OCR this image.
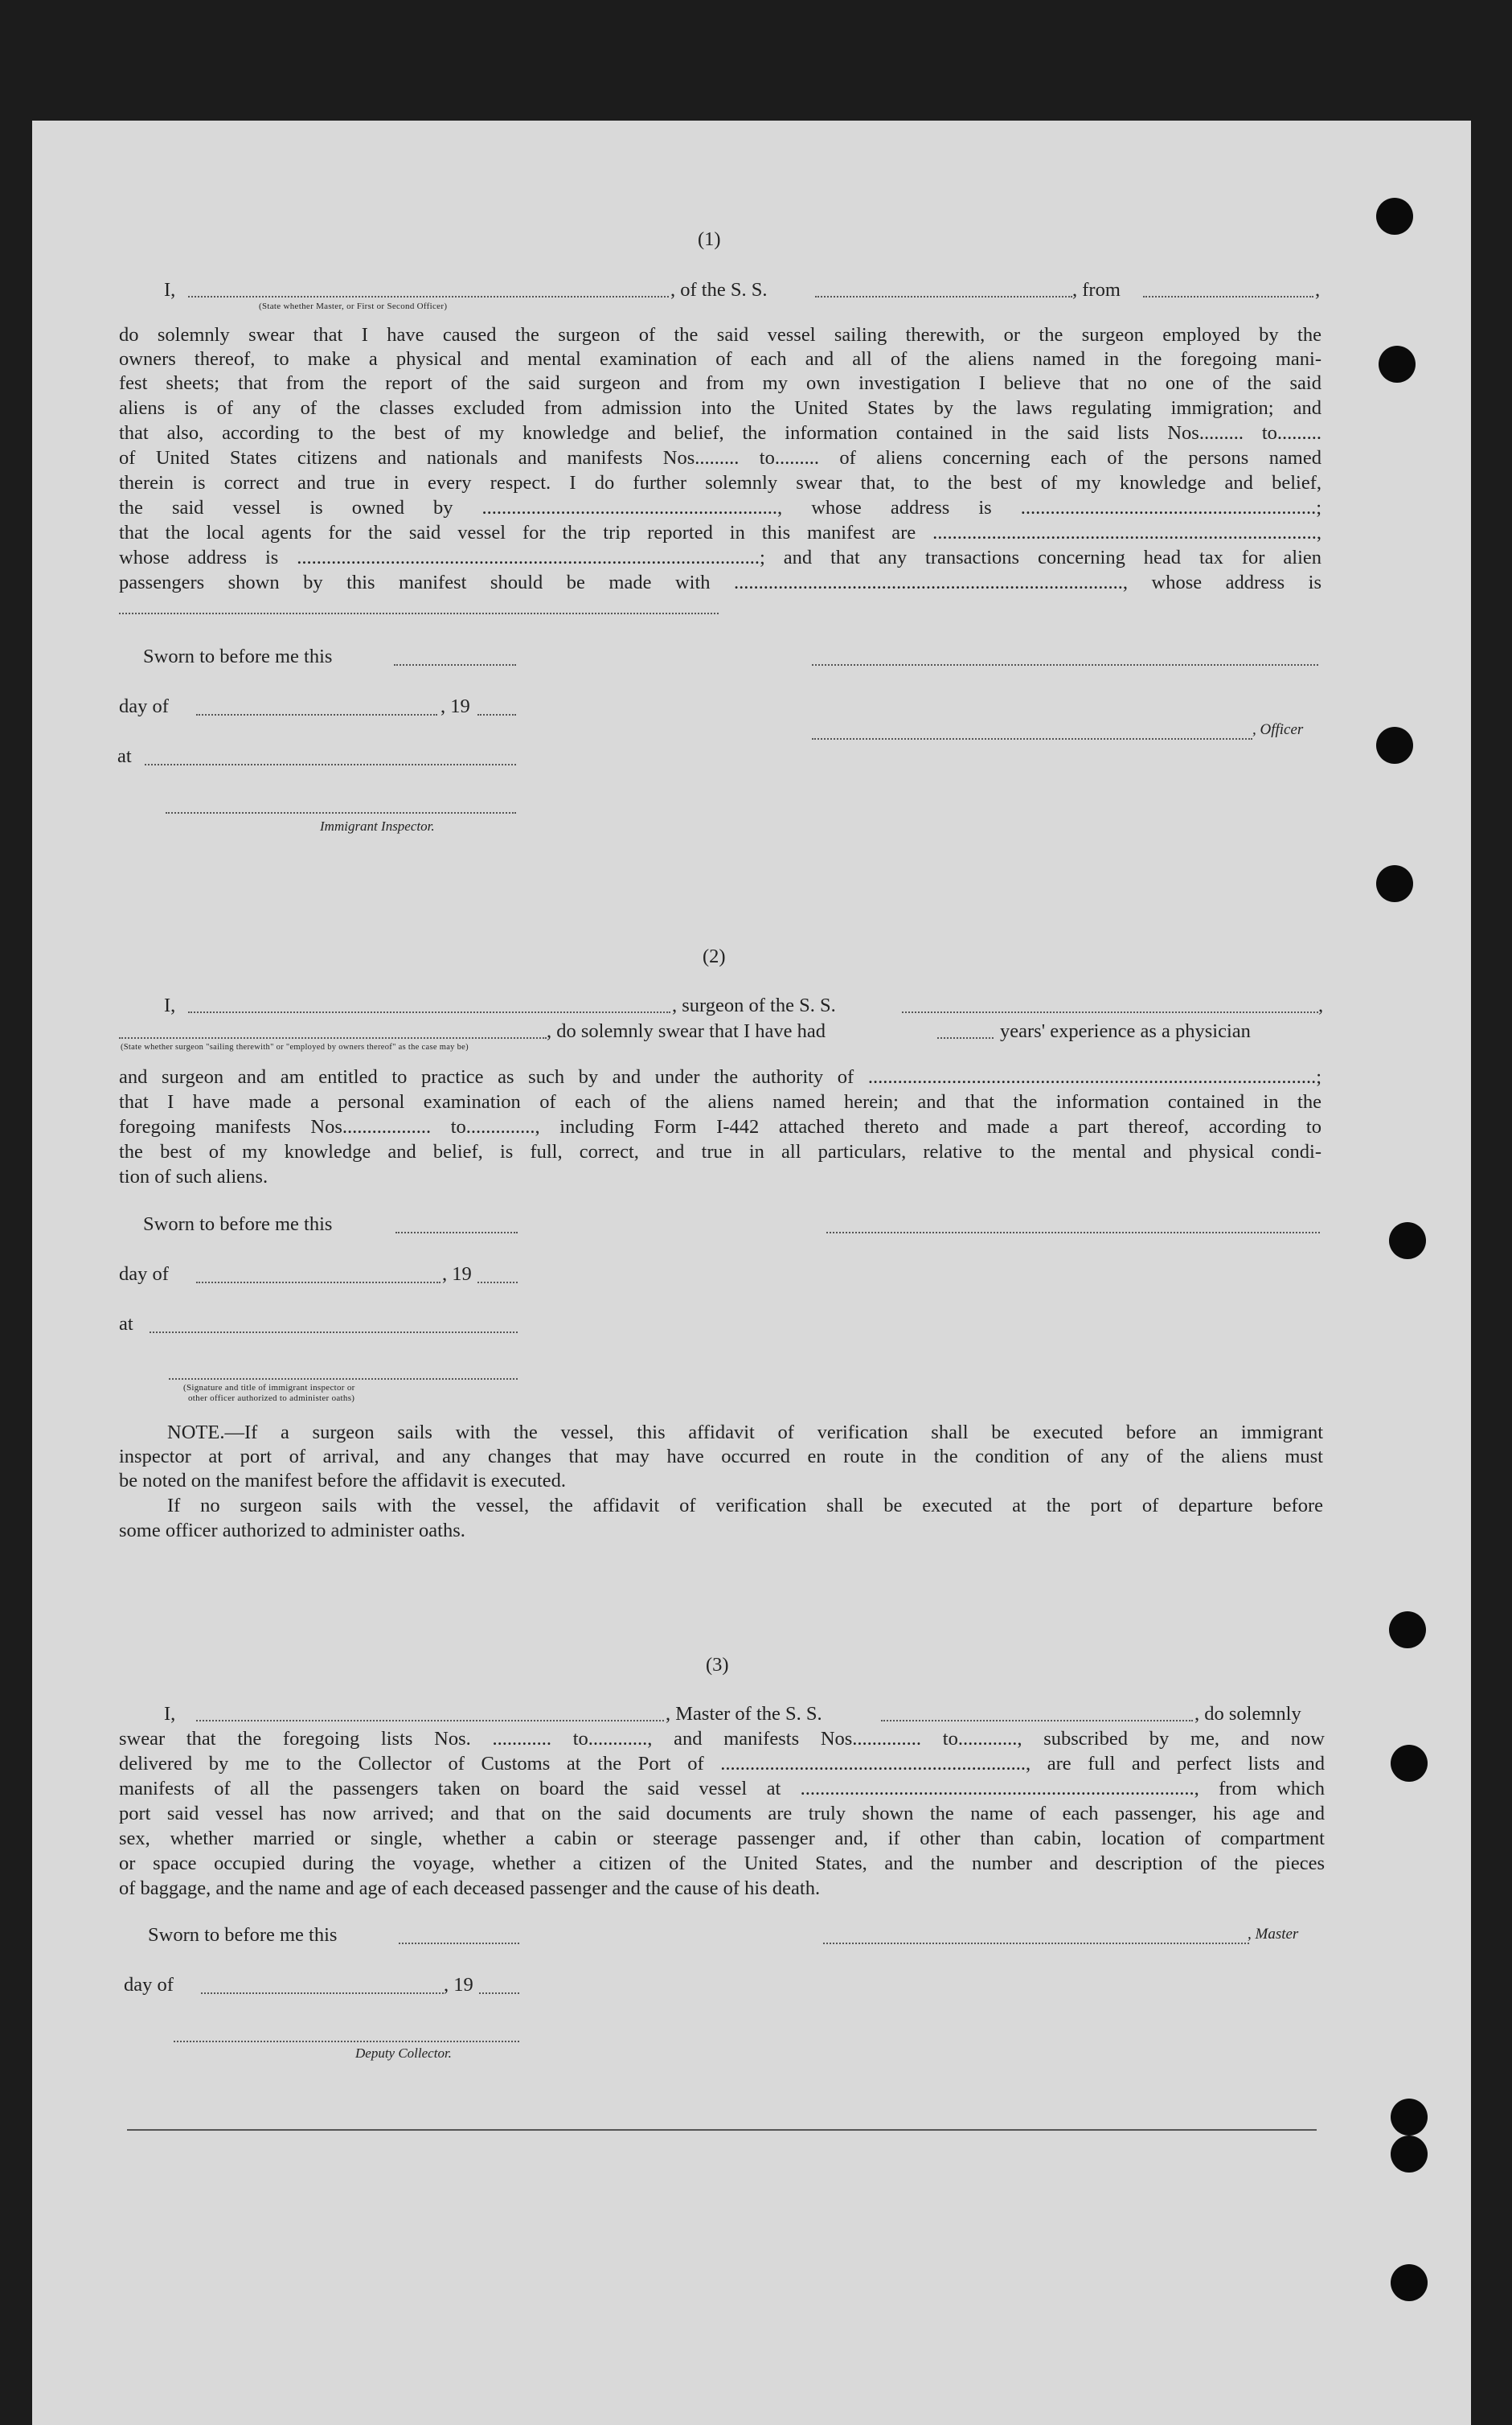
(1)
I,	, of the S. S.	, from	,
(State whether Master, or First or Second Officer)
do solemnly swear that I have caused the surgeon of the said vessel sailing therewith, or the surgeon employed by the
owners thereof, to make a physical and mental examination of each and all of the aliens named in the foregoing mani-
fest sheets; that from the report of the said surgeon and from my own investigation I believe that no one of the said
aliens is of any of the classes excluded from admission into the United States by the laws regulating immigration; and
that also, according to the best of my knowledge and belief, the information contained in the said lists Nos......... to.........
of United States citizens and nationals and manifests Nos......... to......... of aliens concerning each of the persons named
therein is correct and true in every respect. I do further solemnly swear that, to the best of my knowledge and belief,
the said vessel is owned by ............................................................, whose address is ............................................................;
that the local agents for the said vessel for the trip reported in this manifest are ..............................................................................,
whose address is ..............................................................................................; and that any transactions concerning head tax for alien
passengers shown by this manifest should be made with ..............................................................................., whose address is
Sworn to before me this
day of	, 19
, Officer
at
Immigrant Inspector.
(2)
I,	, surgeon of the S. S.	,
, do solemnly swear that I have had	years' experience as a physician
(State whether surgeon "sailing therewith" or "employed by owners thereof" as the case may be)
and surgeon and am entitled to practice as such by and under the authority of ...........................................................................................;
that I have made a personal examination of each of the aliens named herein; and that the information contained in the
foregoing manifests Nos.................. to.............., including Form I-442 attached thereto and made a part thereof, according to
the best of my knowledge and belief, is full, correct, and true in all particulars, relative to the mental and physical condi-
tion of such aliens.
Sworn to before me this
day of	, 19
at
(Signature and title of immigrant inspector or
other officer authorized to administer oaths)
NOTE.—If a surgeon sails with the vessel, this affidavit of verification shall be executed before an immigrant
inspector at port of arrival, and any changes that may have occurred en route in the condition of any of the aliens must
be noted on the manifest before the affidavit is executed.
If no surgeon sails with the vessel, the affidavit of verification shall be executed at the port of departure before
some officer authorized to administer oaths.
(3)
I,	, Master of the S. S.	, do solemnly
swear that the foregoing lists Nos. ............ to............, and manifests Nos.............. to............, subscribed by me, and now
delivered by me to the Collector of Customs at the Port of .............................................................., are full and perfect lists and
manifests of all the passengers taken on board the said vessel at ................................................................................, from which
port said vessel has now arrived; and that on the said documents are truly shown the name of each passenger, his age and
sex, whether married or single, whether a cabin or steerage passenger and, if other than cabin, location of compartment
or space occupied during the voyage, whether a citizen of the United States, and the number and description of the pieces
of baggage, and the name and age of each deceased passenger and the cause of his death.
Sworn to before me this	, Master
day of	, 19
Deputy Collector.
